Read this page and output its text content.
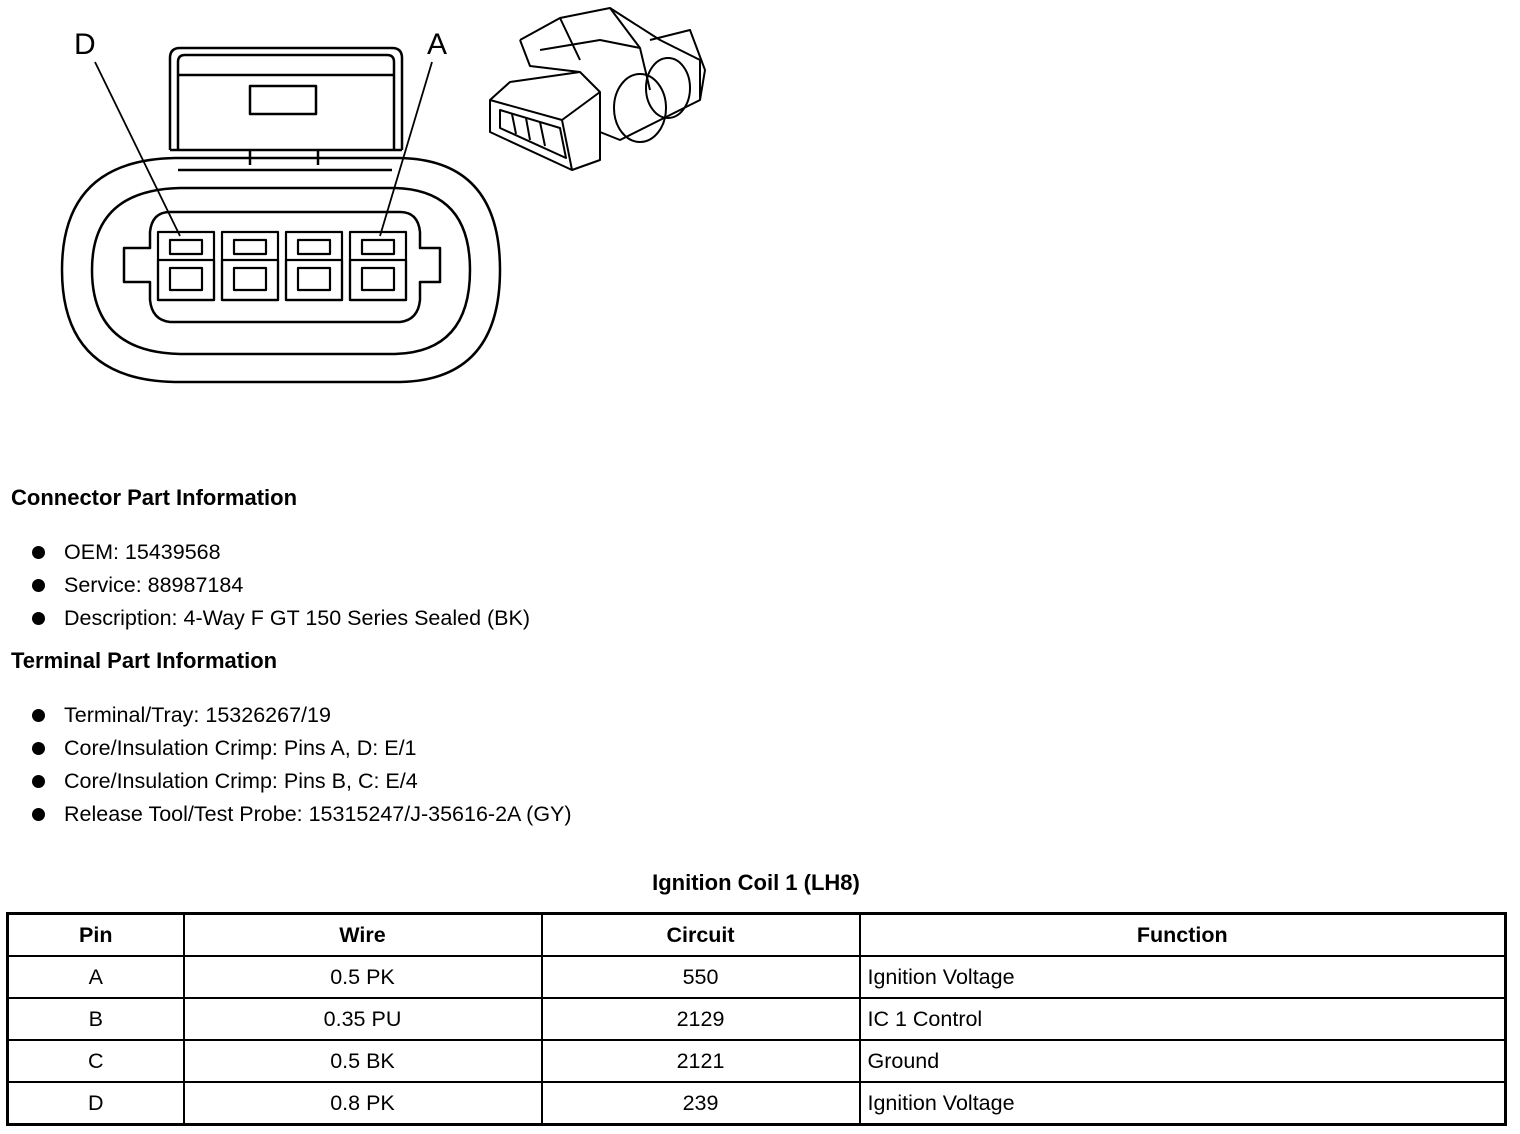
D	A
Connector Part Information
OEM: 15439568
Service: 88987184
Description: 4-Way F GT 150 Series Sealed (BK)
Terminal Part Information
Terminal/Tray: 15326267/19
Core/Insulation Crimp: Pins A, D: E/1
Core/Insulation Crimp: Pins B, C: E/4
Release Tool/Test Probe: 15315247/J-35616-2A (GY)
Ignition Coil 1 (LH8)
Pin	Wire	Circuit	Function
A	0.5 PK	550	Ignition Voltage
B	0.35 PU	2129	IC 1 Control
C	0.5 BK	2121	Ground
D	0.8 PK	239	Ignition Voltage
